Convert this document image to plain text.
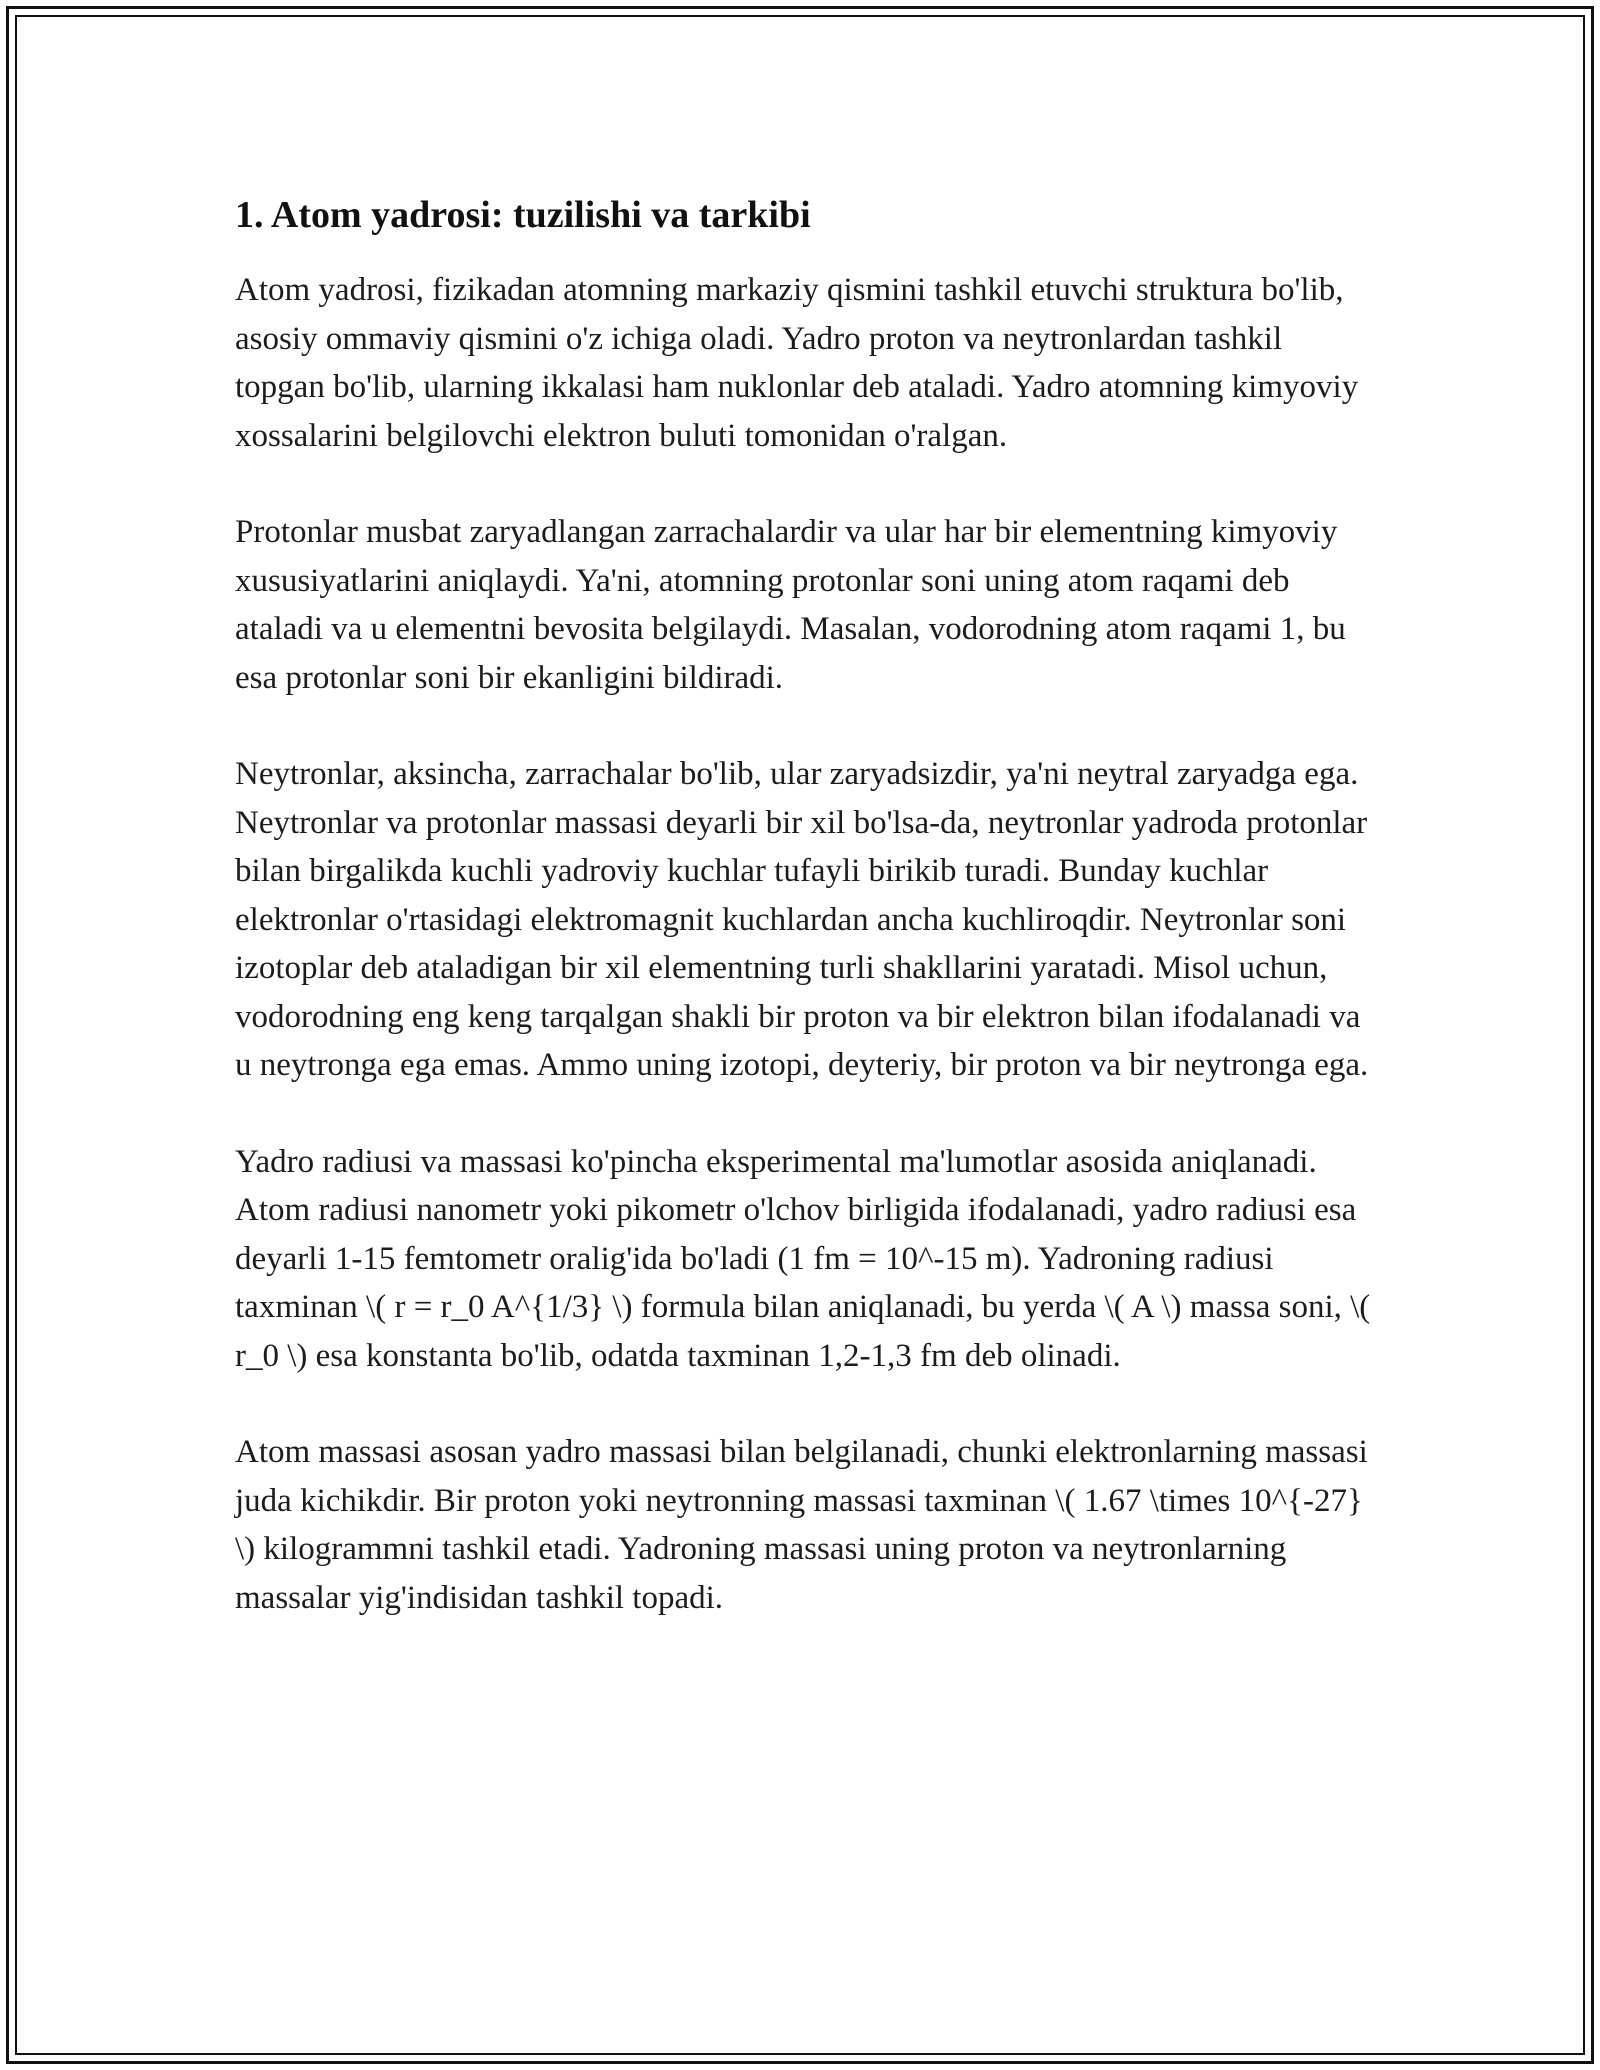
1. Atom yadrosi: tuzilishi va tarkibi

Atom yadrosi, fizikadan atomning markaziy qismini tashkil etuvchi struktura bo'lib, asosiy ommaviy qismini o'z ichiga oladi. Yadro proton va neytronlardan tashkil topgan bo'lib, ularning ikkalasi ham nuklonlar deb ataladi. Yadro atomning kimyoviy xossalarini belgilovchi elektron buluti tomonidan o'ralgan.

Protonlar musbat zaryadlangan zarrachalardir va ular har bir elementning kimyoviy xususiyatlarini aniqlaydi. Ya'ni, atomning protonlar soni uning atom raqami deb ataladi va u elementni bevosita belgilaydi. Masalan, vodorodning atom raqami 1, bu esa protonlar soni bir ekanligini bildiradi.

Neytronlar, aksincha, zarrachalar bo'lib, ular zaryadsizdir, ya'ni neytral zaryadga ega. Neytronlar va protonlar massasi deyarli bir xil bo'lsa-da, neytronlar yadroda protonlar bilan birgalikda kuchli yadroviy kuchlar tufayli birikib turadi. Bunday kuchlar elektronlar o'rtasidagi elektromagnit kuchlardan ancha kuchliroqdir. Neytronlar soni izotoplar deb ataladigan bir xil elementning turli shakllarini yaratadi. Misol uchun, vodorodning eng keng tarqalgan shakli bir proton va bir elektron bilan ifodalanadi va u neytronga ega emas. Ammo uning izotopi, deyteriy, bir proton va bir neytronga ega.

Yadro radiusi va massasi ko'pincha eksperimental ma'lumotlar asosida aniqlanadi. Atom radiusi nanometr yoki pikometr o'lchov birligida ifodalanadi, yadro radiusi esa deyarli 1-15 femtometr oralig'ida bo'ladi (1 fm = 10^-15 m). Yadroning radiusi taxminan \( r = r_0 A^{1/3} \) formula bilan aniqlanadi, bu yerda \( A \) massa soni, \( r_0 \) esa konstanta bo'lib, odatda taxminan 1,2-1,3 fm deb olinadi.

Atom massasi asosan yadro massasi bilan belgilanadi, chunki elektronlarning massasi juda kichikdir. Bir proton yoki neytronning massasi taxminan \( 1.67 \times 10^{-27} \) kilogrammni tashkil etadi. Yadroning massasi uning proton va neytronlarning massalar yig'indisidan tashkil topadi.
